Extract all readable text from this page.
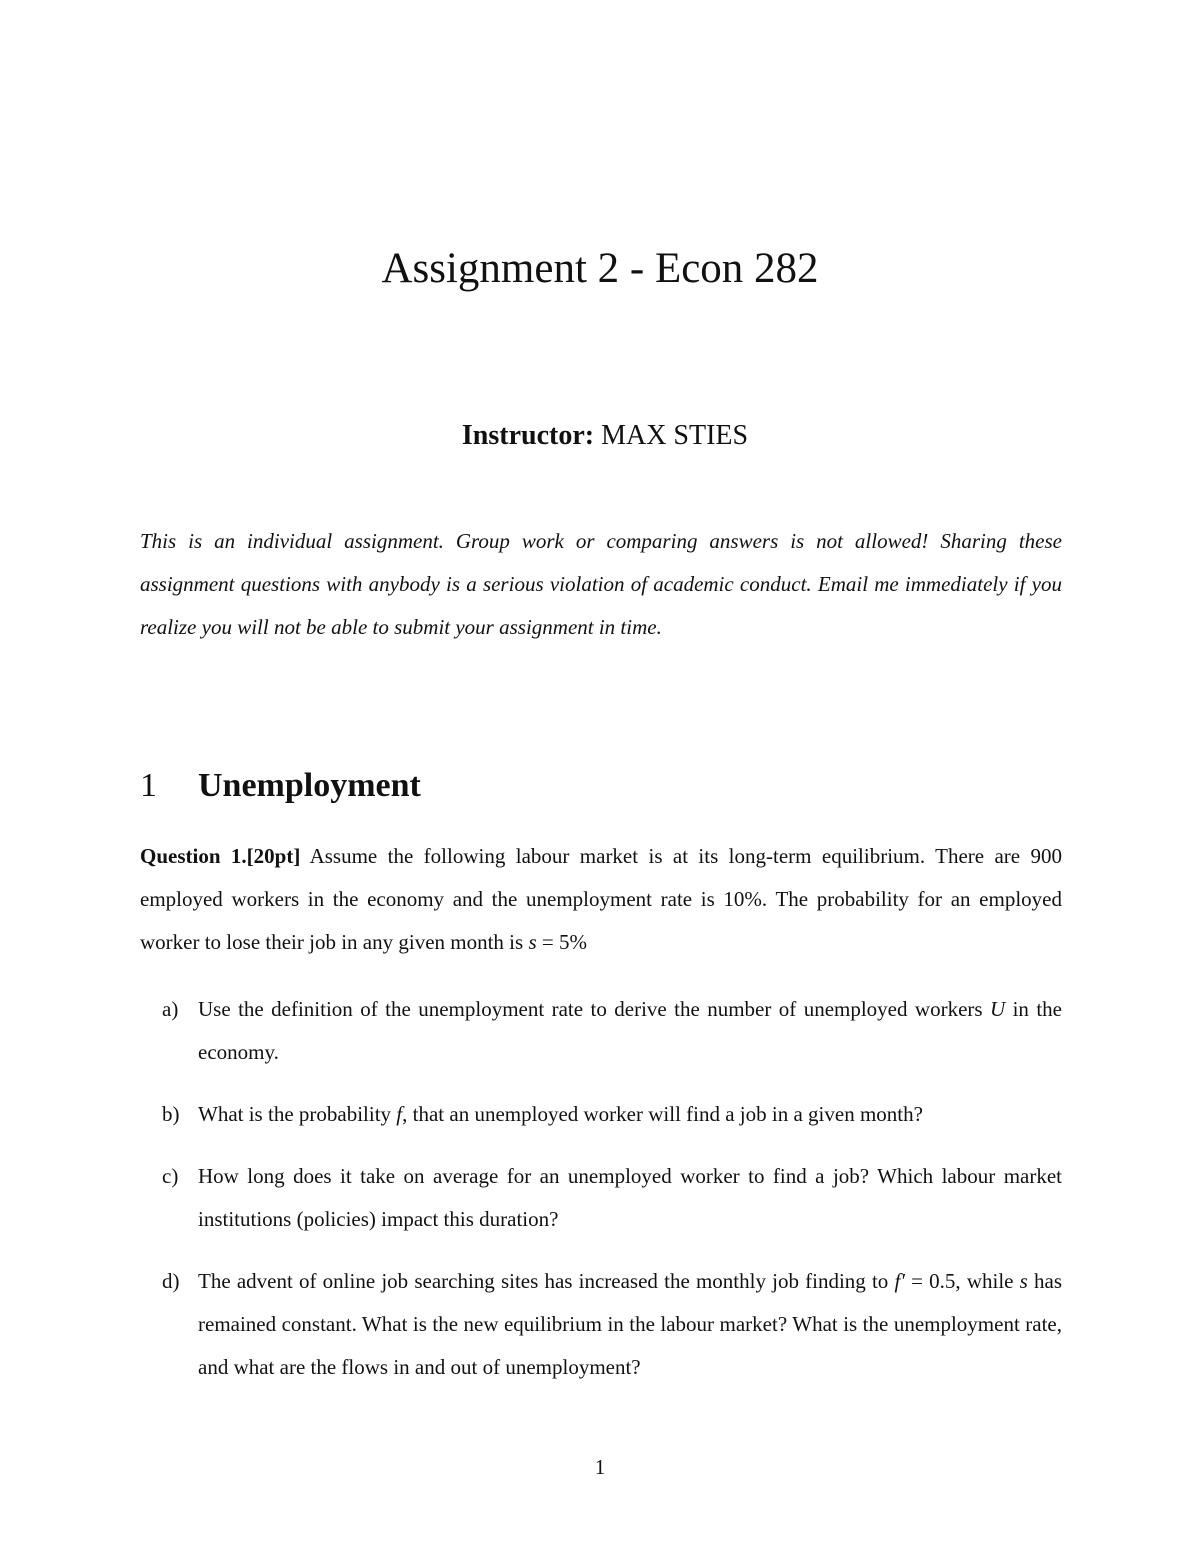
Assignment 2 - Econ 282

Instructor: MAX STIES

This is an individual assignment. Group work or comparing answers is not allowed! Sharing these assignment questions with anybody is a serious violation of academic conduct. Email me immediately if you realize you will not be able to submit your assignment in time.

1 Unemployment

Question 1.[20pt] Assume the following labour market is at its long-term equilibrium. There are 900 employed workers in the economy and the unemployment rate is 10%. The probability for an employed worker to lose their job in any given month is s = 5%

a) Use the definition of the unemployment rate to derive the number of unemployed workers U in the economy.
b) What is the probability f, that an unemployed worker will find a job in a given month?
c) How long does it take on average for an unemployed worker to find a job? Which labour market institutions (policies) impact this duration?
d) The advent of online job searching sites has increased the monthly job finding to f′ = 0.5, while s has remained constant. What is the new equilibrium in the labour market? What is the unemployment rate, and what are the flows in and out of unemployment?
1
